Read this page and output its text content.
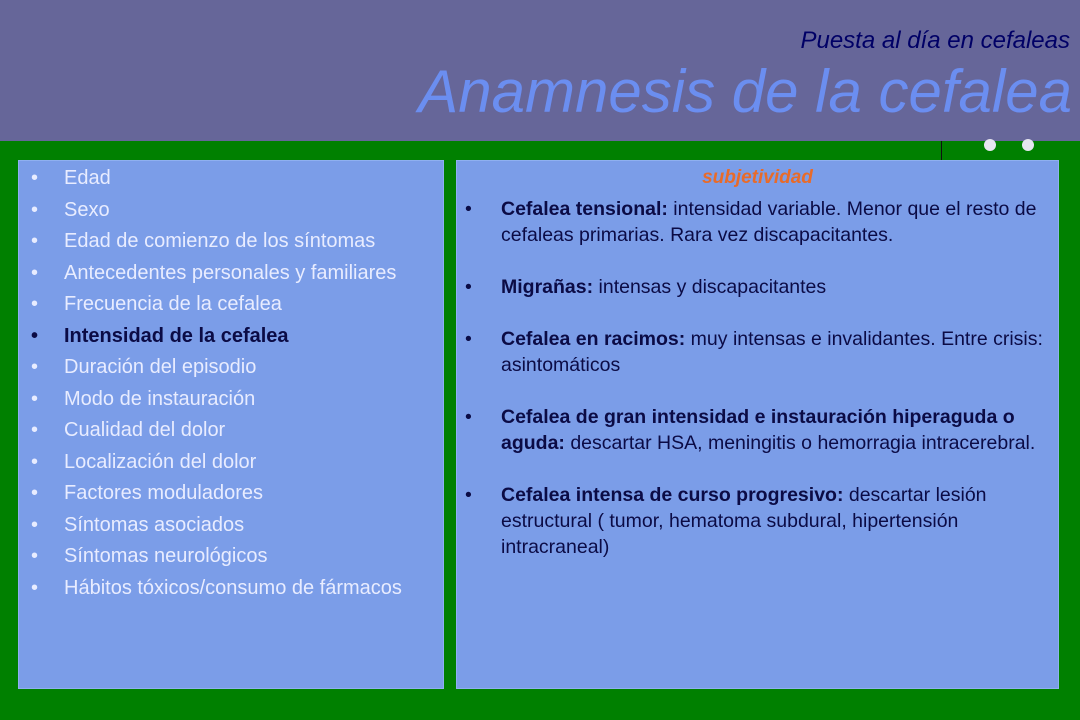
Puesta al día en cefaleas
Anamnesis de la cefalea
• Edad
• Sexo
• Edad de comienzo de los síntomas
• Antecedentes personales y familiares
• Frecuencia de la cefalea
• Intensidad de la cefalea
• Duración del episodio
• Modo de instauración
• Cualidad del dolor
• Localización del dolor
• Factores moduladores
• Síntomas asociados
• Síntomas neurológicos
• Hábitos tóxicos/consumo de fármacos
subjetividad
• Cefalea tensional: intensidad variable. Menor que el resto de cefaleas primarias. Rara vez discapacitantes.
• Migrañas: intensas y discapacitantes
• Cefalea en racimos: muy intensas e invalidantes. Entre crisis: asintomáticos
• Cefalea de gran intensidad e instauración hiperaguda o aguda: descartar HSA, meningitis o hemorragia intracerebral.
• Cefalea intensa de curso progresivo: descartar lesión estructural ( tumor, hematoma subdural, hipertensión intracraneal)
